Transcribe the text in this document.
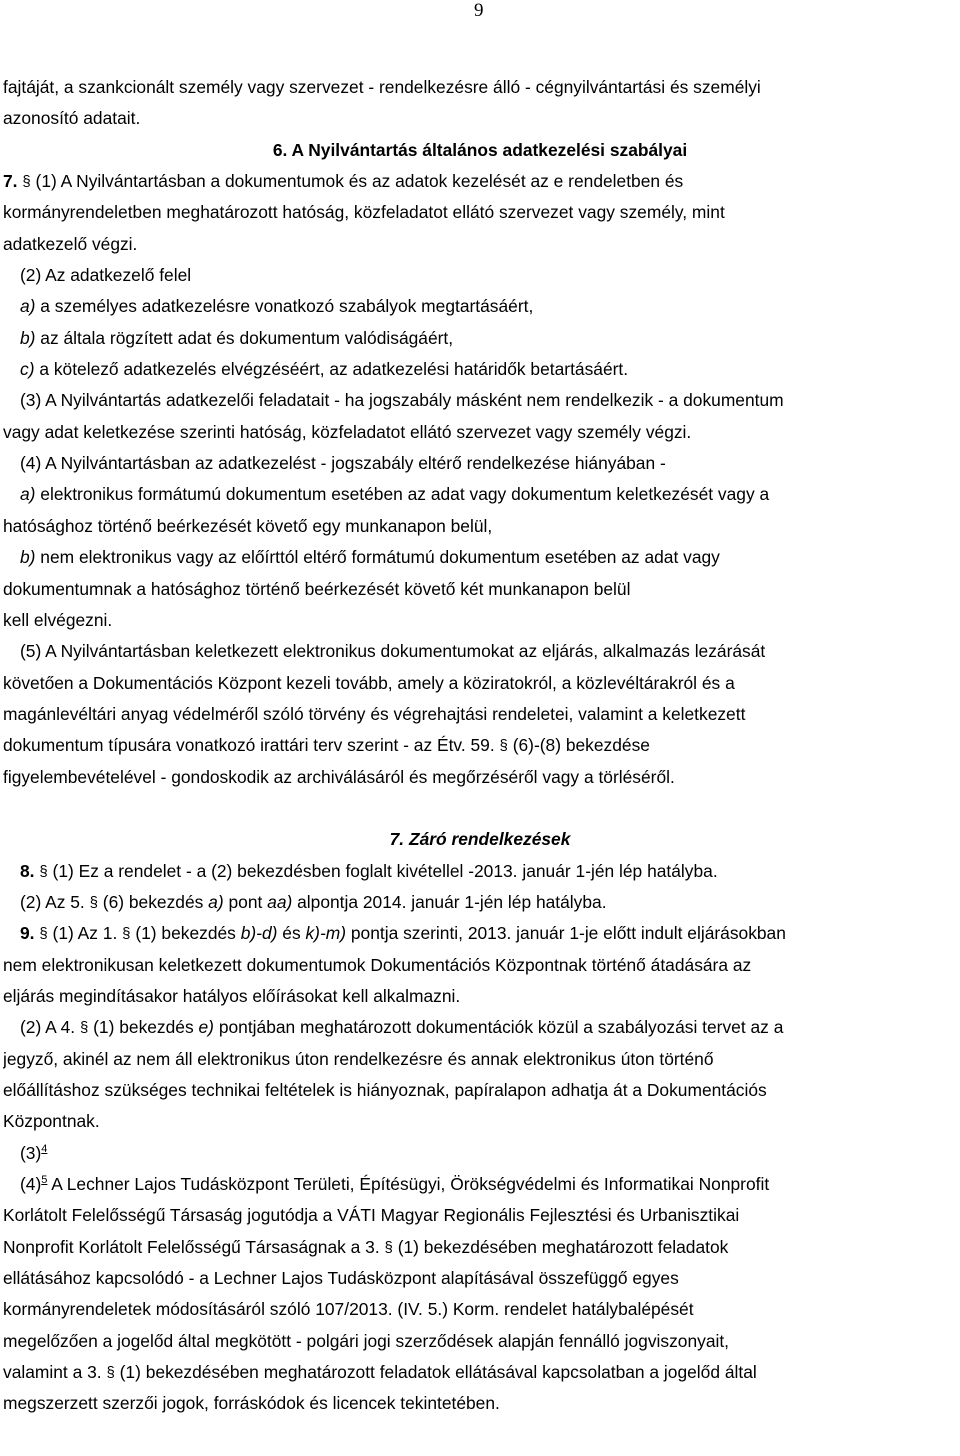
9
fajtáját, a szankcionált személy vagy szervezet - rendelkezésre álló - cégnyilvántartási és személyi
azonosító adatait.
6. A Nyilvántartás általános adatkezelési szabályai
7. § (1) A Nyilvántartásban a dokumentumok és az adatok kezelését az e rendeletben és
kormányrendeletben meghatározott hatóság, közfeladatot ellátó szervezet vagy személy, mint
adatkezelő végzi.
(2) Az adatkezelő felel
a) a személyes adatkezelésre vonatkozó szabályok megtartásáért,
b) az általa rögzített adat és dokumentum valódiságáért,
c) a kötelező adatkezelés elvégzéséért, az adatkezelési határidők betartásáért.
(3) A Nyilvántartás adatkezelői feladatait - ha jogszabály másként nem rendelkezik - a dokumentum
vagy adat keletkezése szerinti hatóság, közfeladatot ellátó szervezet vagy személy végzi.
(4) A Nyilvántartásban az adatkezelést - jogszabály eltérő rendelkezése hiányában -
a) elektronikus formátumú dokumentum esetében az adat vagy dokumentum keletkezését vagy a
hatósághoz történő beérkezését követő egy munkanapon belül,
b) nem elektronikus vagy az előírttól eltérő formátumú dokumentum esetében az adat vagy
dokumentumnak a hatósághoz történő beérkezését követő két munkanapon belül
kell elvégezni.
(5) A Nyilvántartásban keletkezett elektronikus dokumentumokat az eljárás, alkalmazás lezárását
követően a Dokumentációs Központ kezeli tovább, amely a köziratokról, a közlevéltárakról és a
magánlevéltári anyag védelméről szóló törvény és végrehajtási rendeletei, valamint a keletkezett
dokumentum típusára vonatkozó irattári terv szerint - az Étv. 59. § (6)-(8) bekezdése
figyelembevételével - gondoskodik az archiválásáról és megőrzéséről vagy a törléséről.
7. Záró rendelkezések
8. § (1) Ez a rendelet - a (2) bekezdésben foglalt kivétellel -2013. január 1-jén lép hatályba.
(2) Az 5. § (6) bekezdés a) pont aa) alpontja 2014. január 1-jén lép hatályba.
9. § (1) Az 1. § (1) bekezdés b)-d) és k)-m) pontja szerinti, 2013. január 1-je előtt indult eljárásokban
nem elektronikusan keletkezett dokumentumok Dokumentációs Központnak történő átadására az
eljárás megindításakor hatályos előírásokat kell alkalmazni.
(2) A 4. § (1) bekezdés e) pontjában meghatározott dokumentációk közül a szabályozási tervet az a
jegyző, akinél az nem áll elektronikus úton rendelkezésre és annak elektronikus úton történő
előállításhoz szükséges technikai feltételek is hiányoznak, papíralapon adhatja át a Dokumentációs
Központnak.
$(3)^4$
$(4)^5$ A Lechner Lajos Tudásközpont Területi, Építésügyi, Örökségvédelmi és Informatikai Nonprofit
Korlátolt Felelősségű Társaság jogutódja a VÁTI Magyar Regionális Fejlesztési és Urbanisztikai
Nonprofit Korlátolt Felelősségű Társaságnak a 3. § (1) bekezdésében meghatározott feladatok
ellátásához kapcsolódó - a Lechner Lajos Tudásközpont alapításával összefüggő egyes
kormányrendeletek módosításáról szóló 107/2013. (IV. 5.) Korm. rendelet hatálybalépését
megelőzően a jogelőd által megkötött - polgári jogi szerződések alapján fennálló jogviszonyait,
valamint a 3. § (1) bekezdésében meghatározott feladatok ellátásával kapcsolatban a jogelőd által
megszerzett szerzői jogok, forráskódok és licencek tekintetében.
